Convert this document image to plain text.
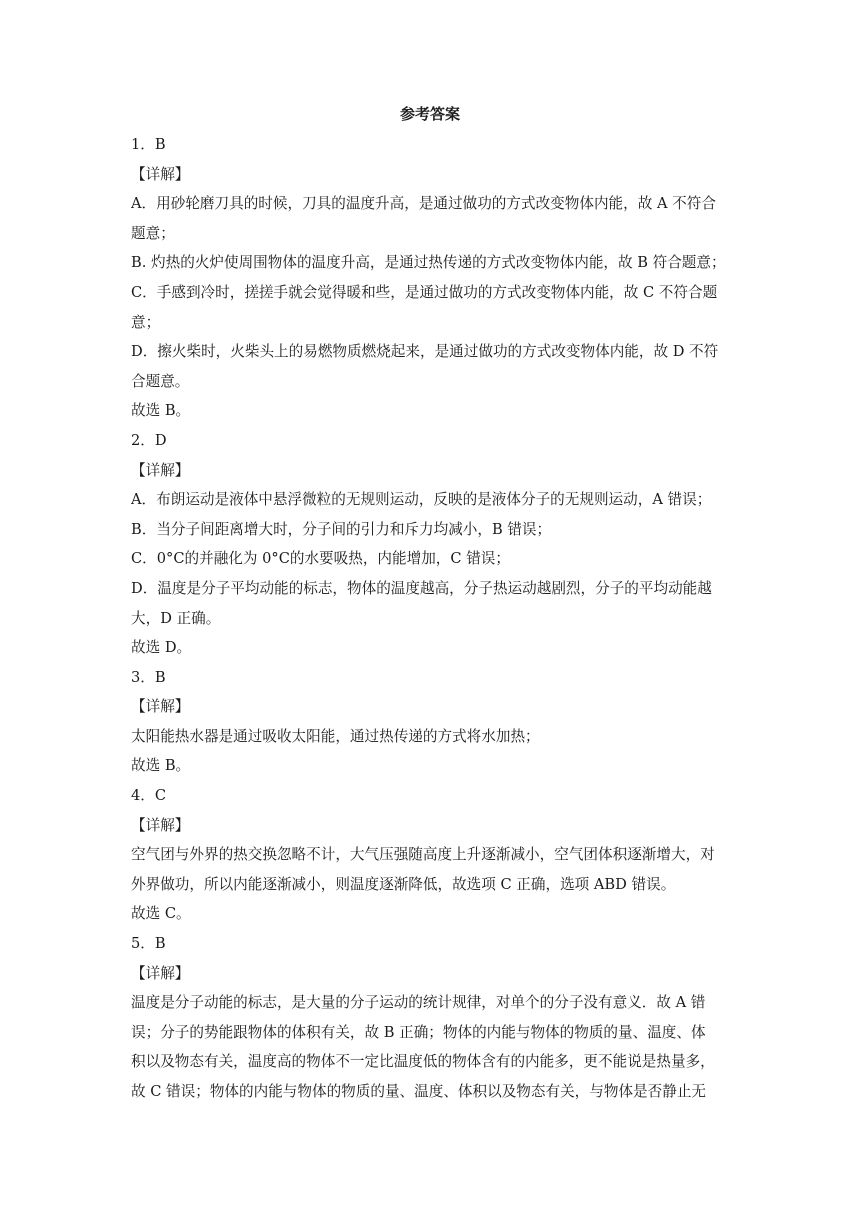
参考答案
1．B
【详解】
A．用砂轮磨刀具的时候，刀具的温度升高，是通过做功的方式改变物体内能，故 A 不符合
题意；
B. 灼热的火炉使周围物体的温度升高，是通过热传递的方式改变物体内能，故 B 符合题意；
C．手感到冷时，搓搓手就会觉得暖和些，是通过做功的方式改变物体内能，故 C 不符合题
意；
D．擦火柴时，火柴头上的易燃物质燃烧起来，是通过做功的方式改变物体内能，故 D 不符
合题意。
故选 B。
2．D
【详解】
A．布朗运动是液体中悬浮微粒的无规则运动，反映的是液体分子的无规则运动，A 错误；
B．当分子间距离增大时，分子间的引力和斥力均减小，B 错误；
C．0°C的并融化为 0°C的水要吸热，内能增加，C 错误；
D．温度是分子平均动能的标志，物体的温度越高，分子热运动越剧烈，分子的平均动能越
大，D 正确。
故选 D。
3．B
【详解】
太阳能热水器是通过吸收太阳能，通过热传递的方式将水加热；
故选 B。
4．C
【详解】
空气团与外界的热交换忽略不计，大气压强随高度上升逐渐减小，空气团体积逐渐增大，对
外界做功，所以内能逐渐减小，则温度逐渐降低，故选项 C 正确，选项 ABD 错误。
故选 C。
5．B
【详解】
温度是分子动能的标志，是大量的分子运动的统计规律，对单个的分子没有意义．故 A 错
误；分子的势能跟物体的体积有关，故 B 正确；物体的内能与物体的物质的量、温度、体
积以及物态有关，温度高的物体不一定比温度低的物体含有的内能多，更不能说是热量多，
故 C 错误；物体的内能与物体的物质的量、温度、体积以及物态有关，与物体是否静止无
